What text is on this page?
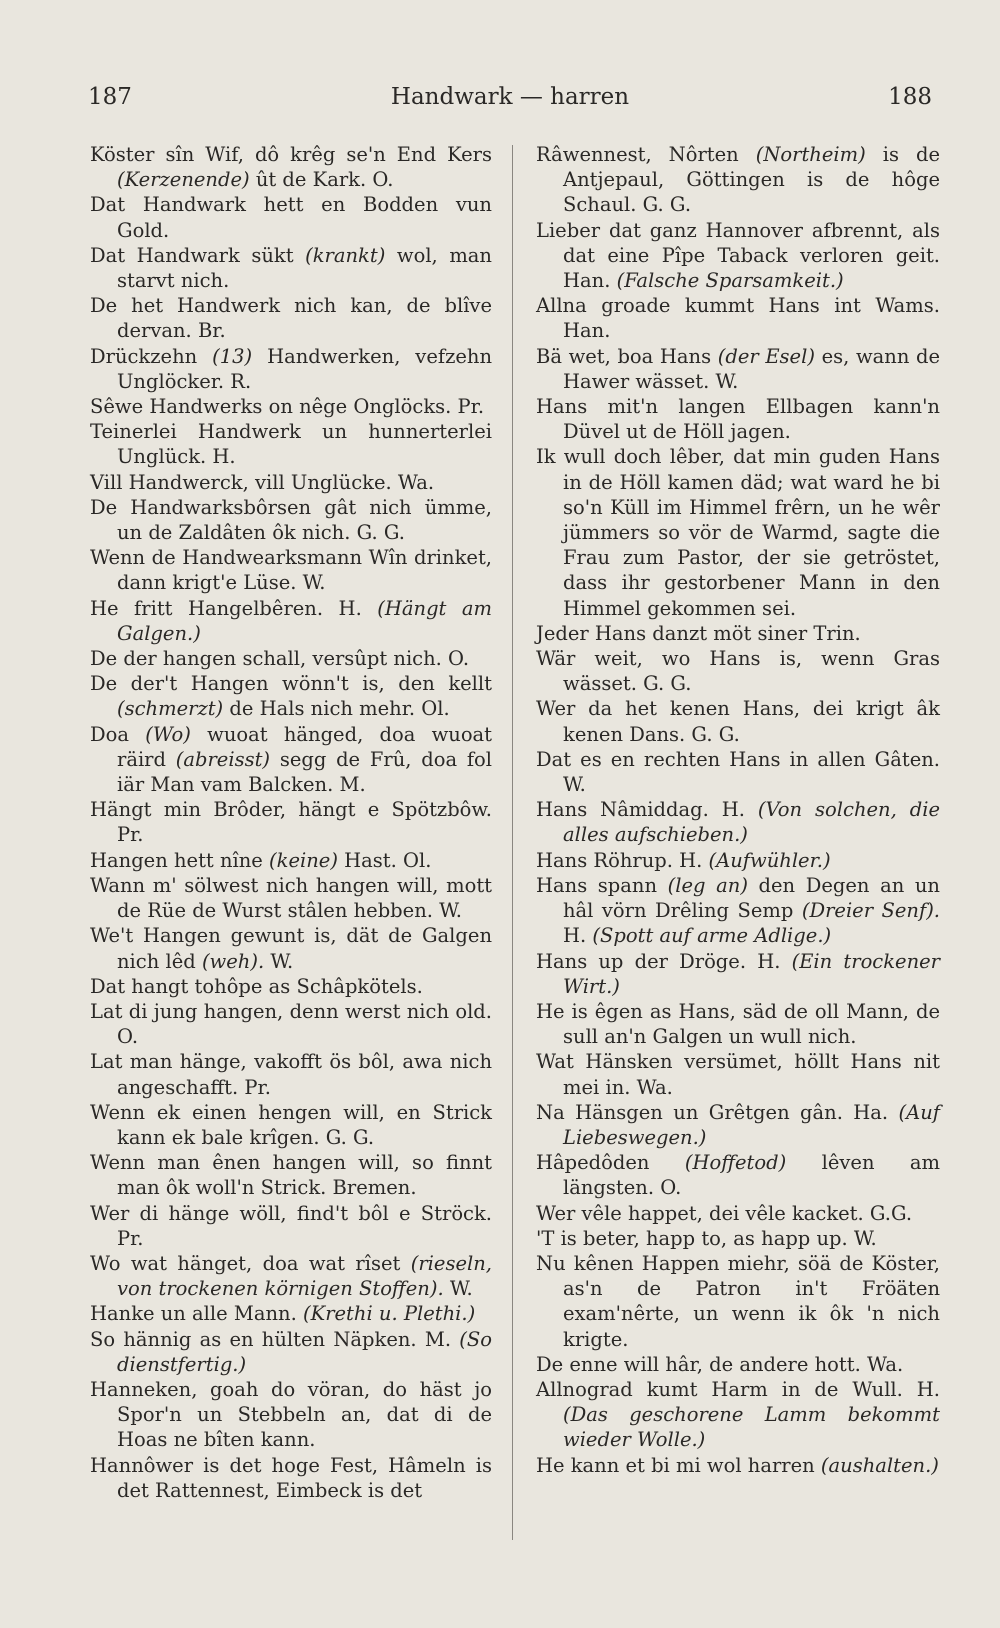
187	Handwark — harren	188

Köster sîn Wif, dô krêg se'n End Kers (Kerzenende) ût de Kark. O.

Dat Handwark hett en Bodden vun Gold.

Dat Handwark sükt (krankt) wol, man starvt nich.

De het Handwerk nich kan, de blîve dervan. Br.

Drückzehn (13) Handwerken, vefzehn Unglöcker. R.

Sêwe Handwerks on nêge Onglöcks. Pr.

Teinerlei Handwerk un hunnerterlei Unglück. H.

Vill Handwerck, vill Unglücke. Wa.

De Handwarksbôrsen gât nich ümme, un de Zaldâten ôk nich. G. G.

Wenn de Handwearksmann Wîn drinket, dann krigt'e Lüse. W.

He fritt Hangelbêren. H. (Hängt am Galgen.)

De der hangen schall, versûpt nich. O.

De der't Hangen wönn't is, den kellt (schmerzt) de Hals nich mehr. Ol.

Doa (Wo) wuoat hänged, doa wuoat räird (abreisst) segg de Frû, doa fol iär Man vam Balcken. M.

Hängt min Brôder, hängt e Spötzbôw. Pr.

Hangen hett nîne (keine) Hast. Ol.

Wann m' sölwest nich hangen will, mott de Rüe de Wurst stâlen hebben. W.

We't Hangen gewunt is, dät de Galgen nich lêd (weh). W.

Dat hangt tohôpe as Schâpkötels.

Lat di jung hangen, denn werst nich old. O.

Lat man hänge, vakofft ös bôl, awa nich angeschafft. Pr.

Wenn ek einen hengen will, en Strick kann ek bale krîgen. G. G.

Wenn man ênen hangen will, so finnt man ôk woll'n Strick. Bremen.

Wer di hänge wöll, find't bôl e Ströck. Pr.

Wo wat hänget, doa wat rîset (rieseln, von trockenen körnigen Stoffen). W.

Hanke un alle Mann. (Krethi u. Plethi.)

So hännig as en hülten Näpken. M. (So dienstfertig.)

Hanneken, goah do vöran, do häst jo Spor'n un Stebbeln an, dat di de Hoas ne bîten kann.

Hannôwer is det hoge Fest, Hâmeln is det Rattennest, Eimbeck is det

Râwennest, Nôrten (Northeim) is de Antjepaul, Göttingen is de hôge Schaul. G. G.

Lieber dat ganz Hannover afbrennt, als dat eine Pîpe Taback verloren geit. Han. (Falsche Sparsamkeit.)

Allna groade kummt Hans int Wams. Han.

Bä wet, boa Hans (der Esel) es, wann de Hawer wässet. W.

Hans mit'n langen Ellbagen kann'n Düvel ut de Höll jagen.

Ik wull doch lêber, dat min guden Hans in de Höll kamen däd; wat ward he bi so'n Küll im Himmel frêrn, un he wêr jümmers so vör de Warmd, sagte die Frau zum Pastor, der sie getröstet, dass ihr gestorbener Mann in den Himmel gekommen sei.

Jeder Hans danzt möt siner Trin.

Wär weit, wo Hans is, wenn Gras wässet. G. G.

Wer da het kenen Hans, dei krigt âk kenen Dans. G. G.

Dat es en rechten Hans in allen Gâten. W.

Hans Nâmiddag. H. (Von solchen, die alles aufschieben.)

Hans Röhrup. H. (Aufwühler.)

Hans spann (leg an) den Degen an un hâl vörn Drêling Semp (Dreier Senf). H. (Spott auf arme Adlige.)

Hans up der Dröge. H. (Ein trockener Wirt.)

He is êgen as Hans, säd de oll Mann, de sull an'n Galgen un wull nich.

Wat Hänsken versümet, höllt Hans nit mei in. Wa.

Na Hänsgen un Grêtgen gân. Ha. (Auf Liebeswegen.)

Hâpedôden (Hoffetod) lêven am längsten. O.

Wer vêle happet, dei vêle kacket. G.G.

'T is beter, happ to, as happ up. W.

Nu kênen Happen miehr, söä de Köster, as'n de Patron in't Fröäten exam'nêrte, un wenn ik ôk 'n nich krigte.

De enne will hâr, de andere hott. Wa.

Allnograd kumt Harm in de Wull. H. (Das geschorene Lamm bekommt wieder Wolle.)

He kann et bi mi wol harren (aushalten.)
